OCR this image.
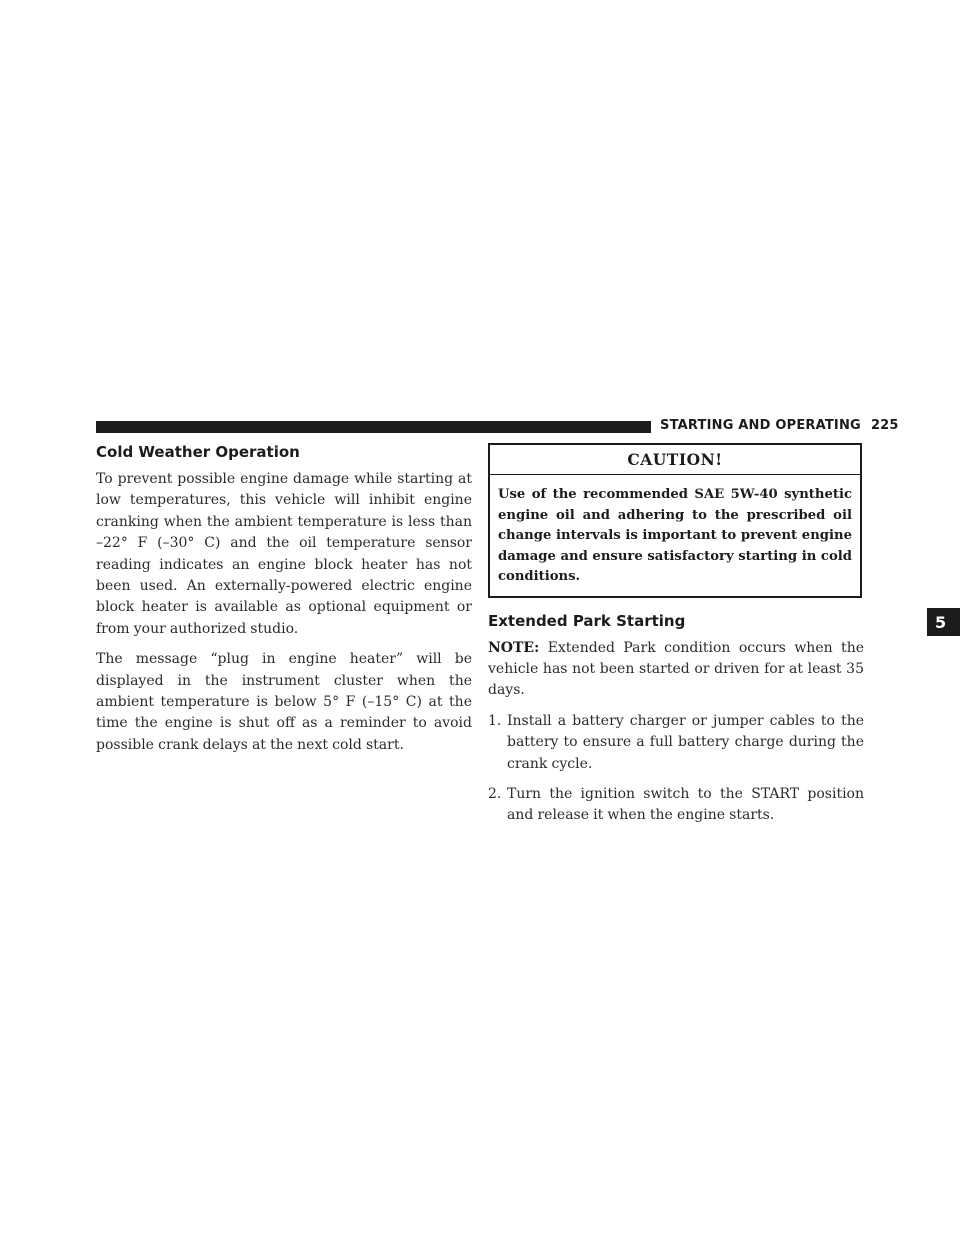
STARTING AND OPERATING 225
5
Cold Weather Operation

To prevent possible engine damage while starting at low temperatures, this vehicle will inhibit engine cranking when the ambient temperature is less than –22° F (–30° C) and the oil temperature sensor reading indicates an engine block heater has not been used. An externally-powered electric engine block heater is available as optional equipment or from your authorized studio.

The message “plug in engine heater” will be displayed in the instrument cluster when the ambient temperature is below 5° F (–15° C) at the time the engine is shut off as a reminder to avoid possible crank delays at the next cold start.

CAUTION!
Use of the recommended SAE 5W-40 synthetic engine oil and adhering to the prescribed oil change intervals is important to prevent engine damage and ensure satisfactory starting in cold conditions.
Extended Park Starting

NOTE: Extended Park condition occurs when the vehicle has not been started or driven for at least 35 days.

1. Install a battery charger or jumper cables to the battery to ensure a full battery charge during the crank cycle.
2. Turn the ignition switch to the START position and release it when the engine starts.
